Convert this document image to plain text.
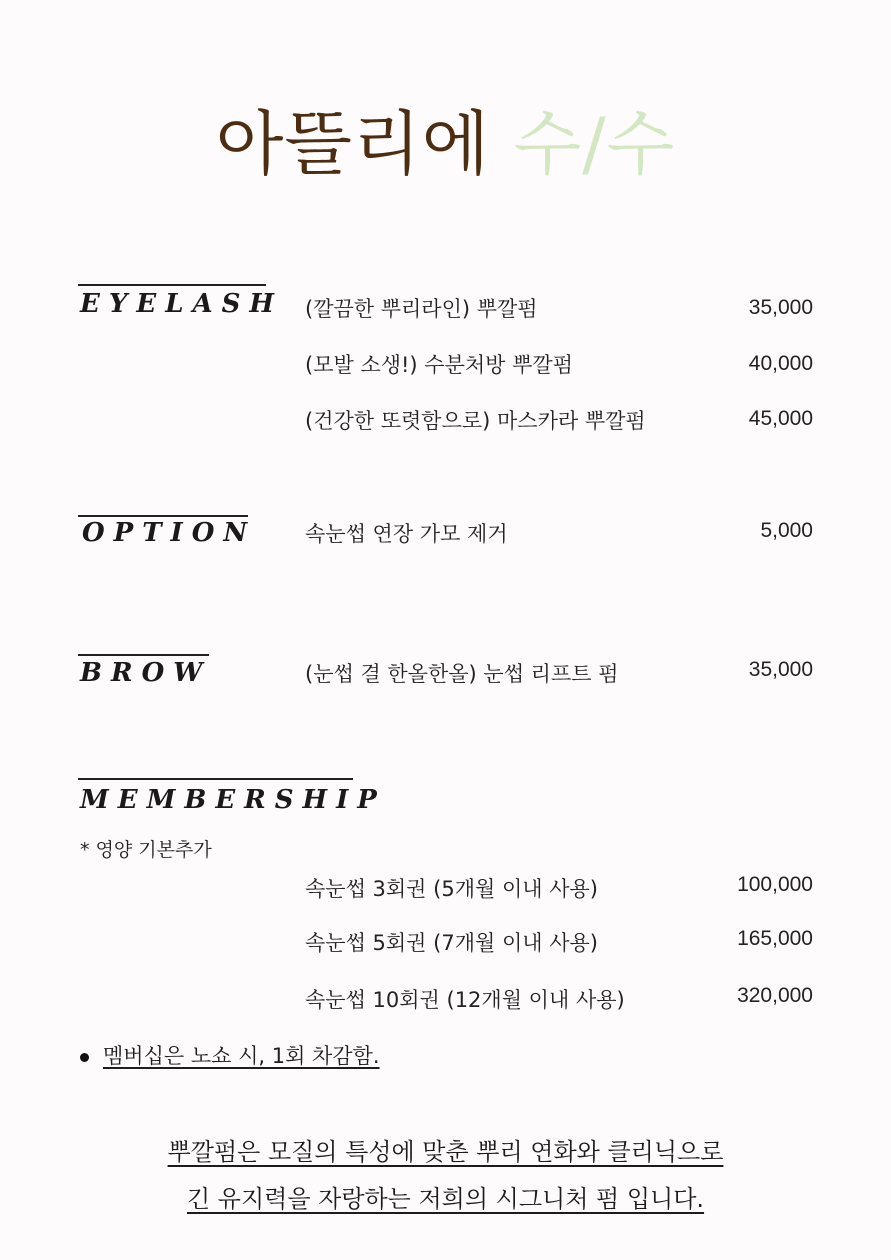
아뜰리에 수/수
EYELASH (깔끔한 뿌리라인) 뿌깔펌	35,000
(모발 소생!) 수분처방 뿌깔펌	40,000
(건강한 또렷함으로) 마스카라 뿌깔펌	45,000
OPTION 속눈썹 연장 가모 제거	5,000
BROW	(눈썹 결 한올한올) 눈썹 리프트 펌	35,000
MEMBERSHIP
* 영양 기본추가
속눈썹 3회권 (5개월 이내 사용)	100,000
속눈썹 5회권 (7개월 이내 사용)	165,000
속눈썹 10회권 (12개월 이내 사용)	320,000
멤버십은 노쇼 시, 1회 차감함.
뿌깔펌은 모질의 특성에 맞춘 뿌리 연화와 클리닉으로
긴 유지력을 자랑하는 저희의 시그니처 펌 입니다.
